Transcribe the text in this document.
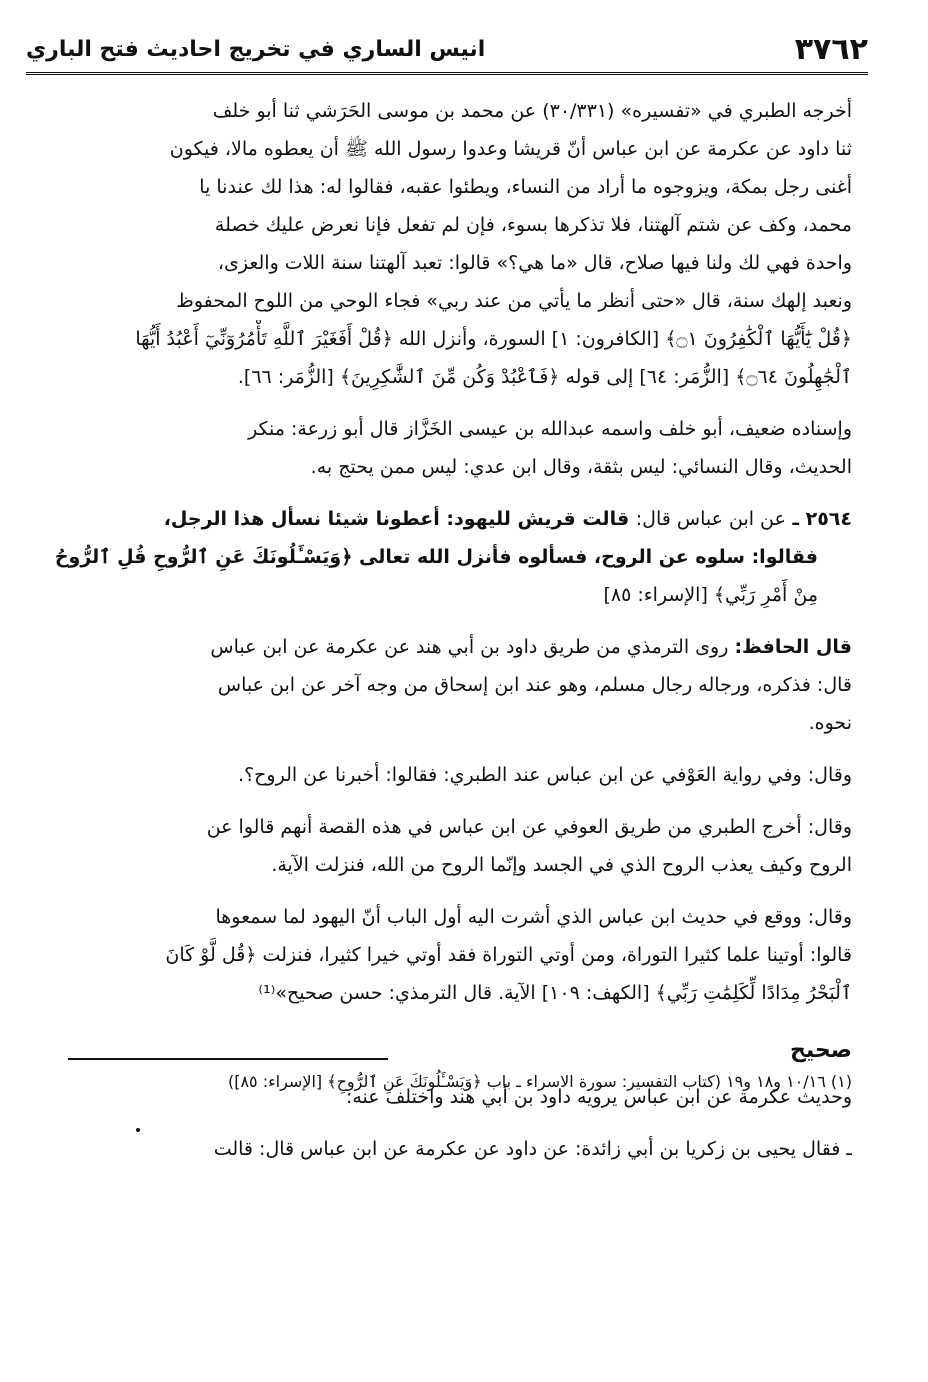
٣٧٦٢
انيس الساري في تخريج احاديث فتح الباري
أخرجه الطبري في «تفسيره» (٣٠/٣٣١) عن محمد بن موسى الحَرَشي ثنا أبو خلف
ثنا داود عن عكرمة عن ابن عباس أنّ قريشا وعدوا رسول الله ﷺ أن يعطوه مالا، فيكون
أغنى رجل بمكة، ويزوجوه ما أراد من النساء، ويطئوا عقبه، فقالوا له: هذا لك عندنا يا
محمد، وكف عن شتم آلهتنا، فلا تذكرها بسوء، فإن لم تفعل فإنا نعرض عليك خصلة
واحدة فهي لك ولنا فيها صلاح، قال «ما هي؟» قالوا: تعبد آلهتنا سنة اللات والعزى،
ونعبد إلهك سنة، قال «حتى أنظر ما يأتي من عند ربي» فجاء الوحي من اللوح المحفوظ
﴿قُلْ يَٰٓأَيُّهَا ٱلْكَٰفِرُونَ ۝١﴾ [الكافرون: ١] السورة، وأنزل الله ﴿قُلْ أَفَغَيْرَ ٱللَّهِ تَأْمُرُوٓنِّيٓ أَعْبُدُ أَيُّهَا
ٱلْجَٰهِلُونَ ۝٦٤﴾ [الزُّمَر: ٦٤] إلى قوله ﴿فَٱعْبُدْ وَكُن مِّنَ ٱلشَّٰكِرِينَ﴾ [الزُّمَر: ٦٦].
وإسناده ضعيف، أبو خلف واسمه عبدالله بن عيسى الخَزَّاز قال أبو زرعة: منكر
الحديث، وقال النسائي: ليس بثقة، وقال ابن عدي: ليس ممن يحتج به.
٢٥٦٤ ـ عن ابن عباس قال: قالت قريش لليهود: أعطونا شيئا نسأل هذا الرجل،
فقالوا: سلوه عن الروح، فسألوه فأنزل الله تعالى ﴿وَيَسْـَٔلُونَكَ عَنِ ٱلرُّوحِ قُلِ ٱلرُّوحُ
مِنْ أَمْرِ رَبِّي﴾ [الإسراء: ٨٥]
قال الحافظ: روى الترمذي من طريق داود بن أبي هند عن عكرمة عن ابن عباس
قال: فذكره، ورجاله رجال مسلم، وهو عند ابن إسحاق من وجه آخر عن ابن عباس
نحوه.
وقال: وفي رواية العَوْفي عن ابن عباس عند الطبري: فقالوا: أخبرنا عن الروح؟.
وقال: أخرج الطبري من طريق العوفي عن ابن عباس في هذه القصة أنهم قالوا عن
الروح وكيف يعذب الروح الذي في الجسد وإنّما الروح من الله، فنزلت الآية.
وقال: ووقع في حديث ابن عباس الذي أشرت اليه أول الباب أنّ اليهود لما سمعوها
قالوا: أوتينا علما كثيرا التوراة، ومن أوتي التوراة فقد أوتي خيرا كثيرا، فنزلت ﴿قُل لَّوْ كَانَ
ٱلْبَحْرُ مِدَادًا لِّكَلِمَٰتِ رَبِّي﴾ [الكهف: ١٠٩] الآية. قال الترمذي: حسن صحيح»⁽¹⁾
صحيح
وحديث عكرمة عن ابن عباس يرويه داود بن أبي هند واختلف عنه:
ـ فقال يحيى بن زكريا بن أبي زائدة: عن داود عن عكرمة عن ابن عباس قال: قالت
(١) ١٠/١٦ و١٨ و١٩ (كتاب التفسير: سورة الاسراء ـ باب ﴿وَيَسْـَٔلُونَكَ عَنِ ٱلرُّوحِ﴾ [الإسراء: ٨٥])
